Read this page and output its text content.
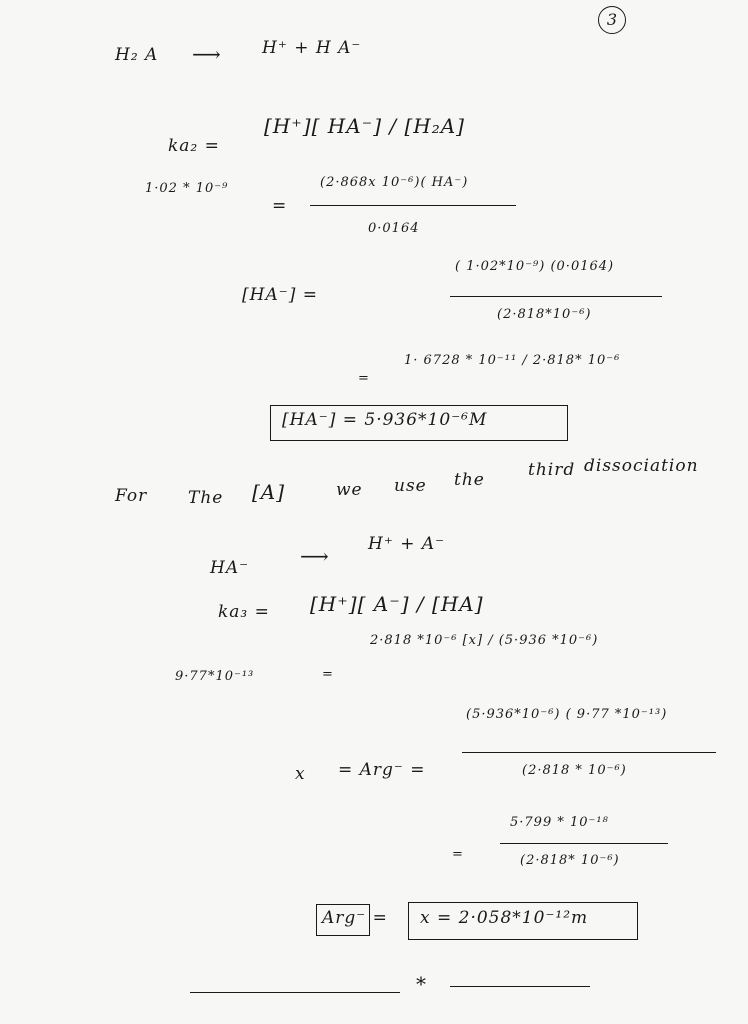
3
H₂ A ⟶ H⁺ + H A⁻
ka₂ =
[H⁺][ HA⁻] / [H₂A]
1·02 * 10⁻⁹
=
(2·868x 10⁻⁶)( HA⁻)
0·0164
[HA⁻] =
( 1·02*10⁻⁹) (0·0164)
(2·818*10⁻⁶)
1· 6728 * 10⁻¹¹ / 2·818* 10⁻⁶
=
[HA⁻] = 5·936*10⁻⁶M
For The [A]	we use the	third dissociation
HA⁻	⟶ H⁺ + A⁻
ka₃ = [H⁺][ A⁻] / [HA]
9·77*10⁻¹³	=
2·818 *10⁻⁶ [x] / (5·936 *10⁻⁶)
x = Arg⁻ =
(5·936*10⁻⁶) ( 9·77 *10⁻¹³)
(2·818 * 10⁻⁶)
=
5·799 * 10⁻¹⁸
(2·818* 10⁻⁶)
Arg⁻ = x = 2·058*10⁻¹²m
*
